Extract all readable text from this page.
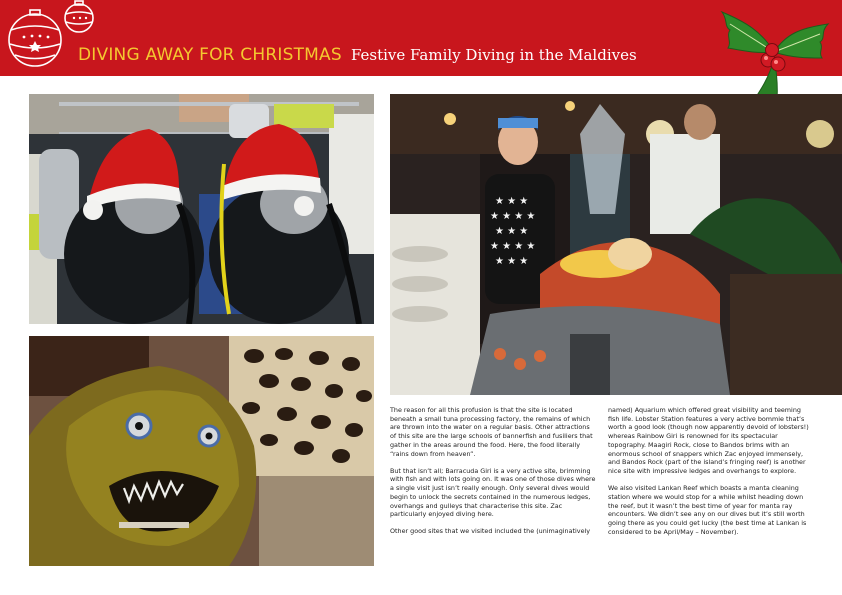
DIVING AWAY FOR CHRISTMAS Festive Family Diving in the Maldives
★ ★ ★
★ ★ ★ ★
★ ★ ★
★ ★ ★ ★
★ ★ ★

The reason for all this profusion is that the site is located beneath a small tuna processing factory, the remains of which are thrown into the water on a regular basis. Other attractions of this site are the large schools of bannerfish and fusiliers that gather in the areas around the food. Here, the food literally “rains down from heaven”.

But that isn’t all; Barracuda Giri is a very active site, brimming with fish and with lots going on. It was one of those dives where a single visit just isn’t really enough. Only several dives would begin to unlock the secrets contained in the numerous ledges, overhangs and gulleys that characterise this site. Zac particularly enjoyed diving here.

Other good sites that we visited included the (unimaginatively

named) Aquarium which offered great visibility and teeming fish life. Lobster Station features a very active bommie that’s worth a good look (though now apparently devoid of lobsters!) whereas Rainbow Giri is renowned for its spectacular topography. Maagiri Rock, close to Bandos brims with an enormous school of snappers which Zac enjoyed immensely, and Bandos Rock (part of the island’s fringing reef) is another nice site with impressive ledges and overhangs to explore.

We also visited Lankan Reef which boasts a manta cleaning station where we would stop for a while whilst heading down the reef, but it wasn’t the best time of year for manta ray encounters. We didn’t see any on our dives but it’s still worth going there as you could get lucky (the best time at Lankan is considered to be April/May – November).
